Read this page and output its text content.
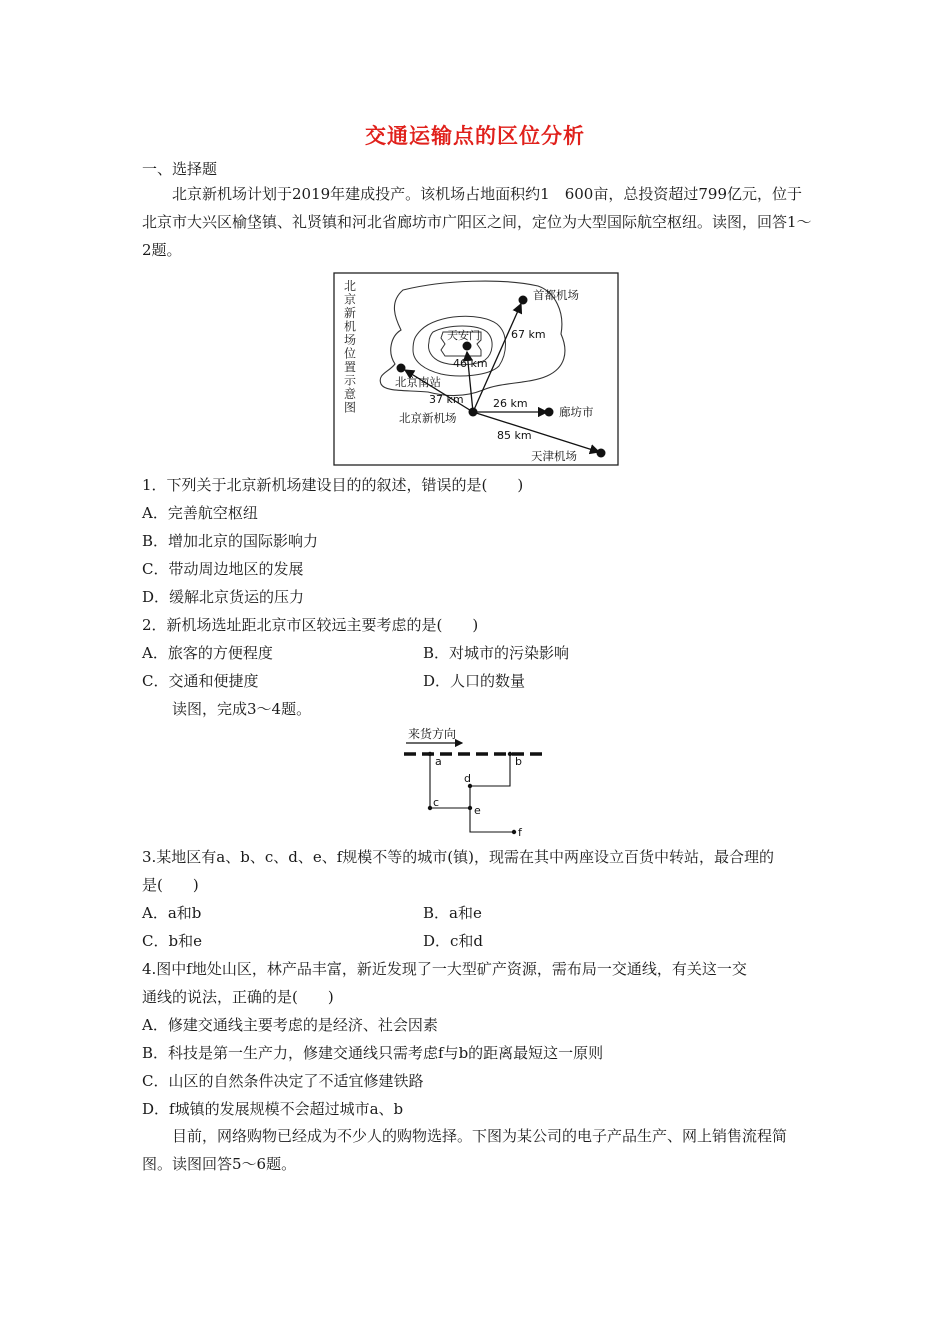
交通运输点的区位分析
一、选择题
北京新机场计划于2019年建成投产。该机场占地面积约1　600亩，总投资超过799亿元，位于北京市大兴区榆垡镇、礼贤镇和河北省廊坊市广阳区之间，定位为大型国际航空枢纽。读图，回答1～2题。
北京新机场位置示意图
首都机场
天安门
北京南站
北京新机场	廊坊市
天津机场
67 km
46 km
37 km	26 km
85 km
1．下列关于北京新机场建设目的的叙述，错误的是(　　)
A．完善航空枢纽
B．增加北京的国际影响力
C．带动周边地区的发展
D．缓解北京货运的压力
2．新机场选址距北京市区较远主要考虑的是(　　)
A．旅客的方便程度	B．对城市的污染影响
C．交通和便捷度	D．人口的数量
读图，完成3～4题。
来货方向
a	b
c
d
e
f
3.某地区有a、b、c、d、e、f规模不等的城市(镇)，现需在其中两座设立百货中转站，最合理的
是(　　)
A．a和b	B．a和e
C．b和e	D．c和d
4.图中f地处山区，林产品丰富，新近发现了一大型矿产资源，需布局一交通线，有关这一交
通线的说法，正确的是(　　)
A．修建交通线主要考虑的是经济、社会因素
B．科技是第一生产力，修建交通线只需考虑f与b的距离最短这一原则
C．山区的自然条件决定了不适宜修建铁路
D．f城镇的发展规模不会超过城市a、b
目前，网络购物已经成为不少人的购物选择。下图为某公司的电子产品生产、网上销售流程简图。读图回答5～6题。
